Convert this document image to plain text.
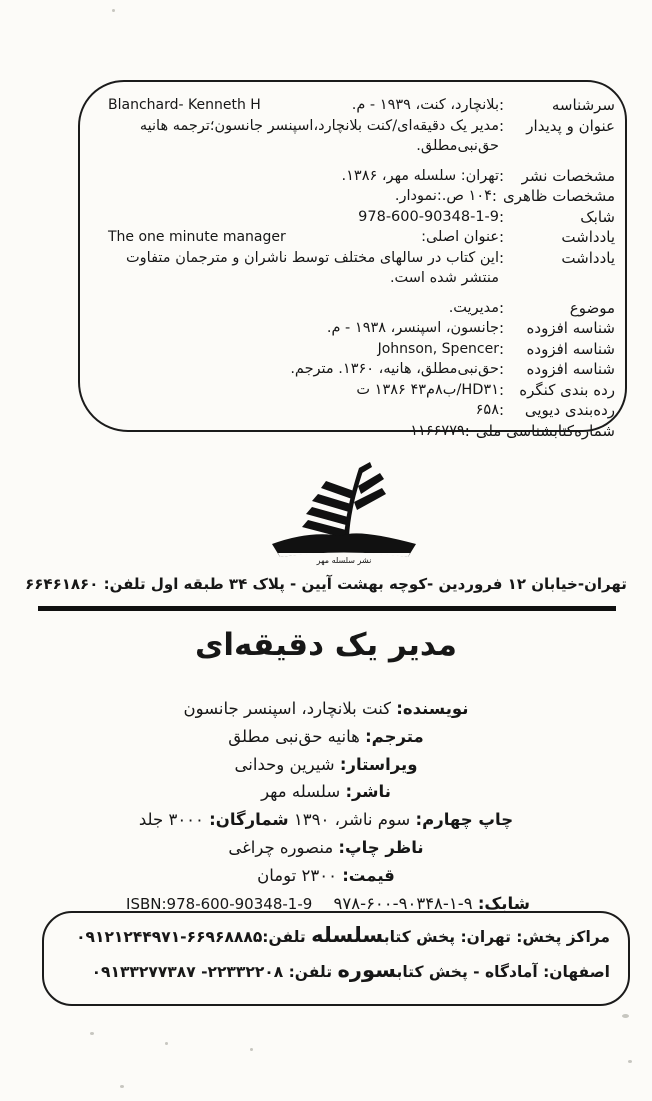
سرشناسه
:
بلانچارد، کنت، ۱۹۳۹ - م.
Blanchard- Kenneth H
عنوان و پدیدار
:
مدیر یک دقیقه‌ای/کنت بلانچارد،اسپنسر جانسون؛ترجمه هانیه حق‌نبی‌مطلق.
مشخصات نشر
:
تهران: سلسله مهر، ۱۳۸۶.
مشخصات ظاهری
:
۱۰۴ ص.:نمودار.
شابک
:
978-600-90348-1-9
یادداشت
:
عنوان اصلی:
The one minute manager
یادداشت
:
این کتاب در سالهای مختلف توسط ناشران و مترجمان متفاوت منتشر شده است.
موضوع
:
مدیریت.
شناسه افزوده
:
جانسون، اسپنسر، ۱۹۳۸ - م.
شناسه افزوده
:
Johnson, Spencer
شناسه افزوده
:
حق‌نبی‌مطلق، هانیه، ۱۳۶۰. مترجم.
رده بندی کنگره
:
HD۳۱/ب۸م۴۳ ۱۳۸۶ ت
رده‌بندی دیویی
:
۶۵۸
شماره‌کتابشناسی ملی
:
۱۱۶۶۷۷۹
نشر سلسله مهر
تهران-خیابان ۱۲ فروردین -کوچه بهشت آیین - پلاک ۳۴ طبقه اول تلفن: ۶۶۴۶۱۸۶۰
مدیر یک دقیقه‌ای
نویسنده: کنت بلانچارد، اسپنسر جانسون
مترجم: هانیه حق‌نبی مطلق
ویراستار: شیرین وحدانی
ناشر: سلسله مهر
چاپ چهارم: سوم ناشر، ۱۳۹۰ شمارگان: ۳۰۰۰ جلد
ناظر چاپ: منصوره چراغی
قیمت: ۲۳۰۰ تومان
شابک: ۹۷۸-۶۰۰-۹۰۳۴۸-۱-۹ ISBN:978-600-90348-1-9
مراکز پخش: تهران: پخش کتابسلسله تلفن:۶۶۹۶۸۸۸۵-۰۹۱۲۱۲۴۴۹۷۱
اصفهان: آمادگاه - پخش کتابسوره تلفن: ۲۲۳۳۲۲۰۸- ۰۹۱۳۳۲۷۷۳۸۷
